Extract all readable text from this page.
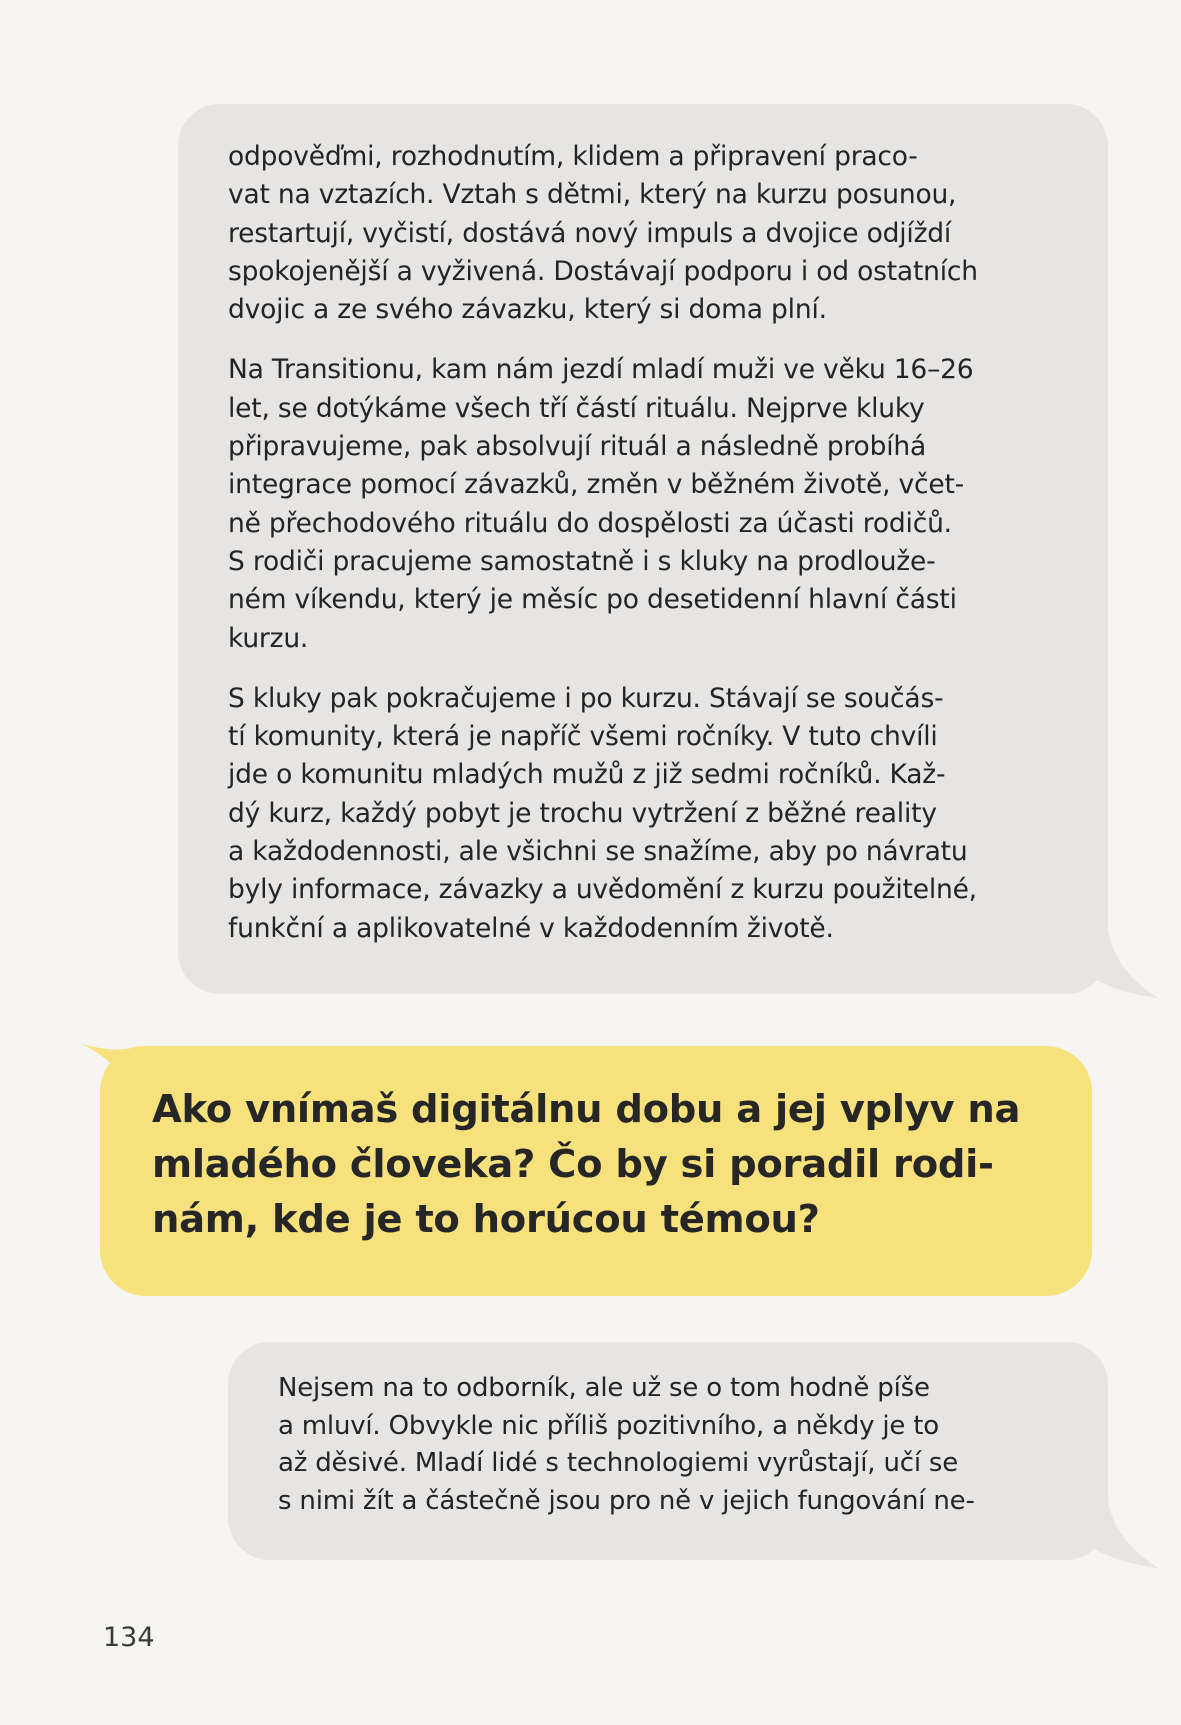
odpověďmi, rozhodnutím, klidem a připravení praco-
vat na vztazích. Vztah s dětmi, který na kurzu posunou,
restartují, vyčistí, dostává nový impuls a dvojice odjíždí
spokojenější a vyživená. Dostávají podporu i od ostatních
dvojic a ze svého závazku, který si doma plní.

Na Transitionu, kam nám jezdí mladí muži ve věku 16–26
let, se dotýkáme všech tří částí rituálu. Nejprve kluky
připravujeme, pak absolvují rituál a následně probíhá
integrace pomocí závazků, změn v běžném životě, včet-
ně přechodového rituálu do dospělosti za účasti rodičů.
S rodiči pracujeme samostatně i s kluky na prodlouže-
ném víkendu, který je měsíc po desetidenní hlavní části
kurzu.

S kluky pak pokračujeme i po kurzu. Stávají se součás-
tí komunity, která je napříč všemi ročníky. V tuto chvíli
jde o komunitu mladých mužů z již sedmi ročníků. Kaž-
dý kurz, každý pobyt je trochu vytržení z běžné reality
a každodennosti, ale všichni se snažíme, aby po návratu
byly informace, závazky a uvědomění z kurzu použitelné,
funkční a aplikovatelné v každodenním životě.

Ako vnímaš digitálnu dobu a jej vplyv na
mladého človeka? Čo by si poradil rodi-
nám, kde je to horúcou témou?

Nejsem na to odborník, ale už se o tom hodně píše
a mluví. Obvykle nic příliš pozitivního, a někdy je to
až děsivé. Mladí lidé s technologiemi vyrůstají, učí se
s nimi žít a částečně jsou pro ně v jejich fungování ne-

134
